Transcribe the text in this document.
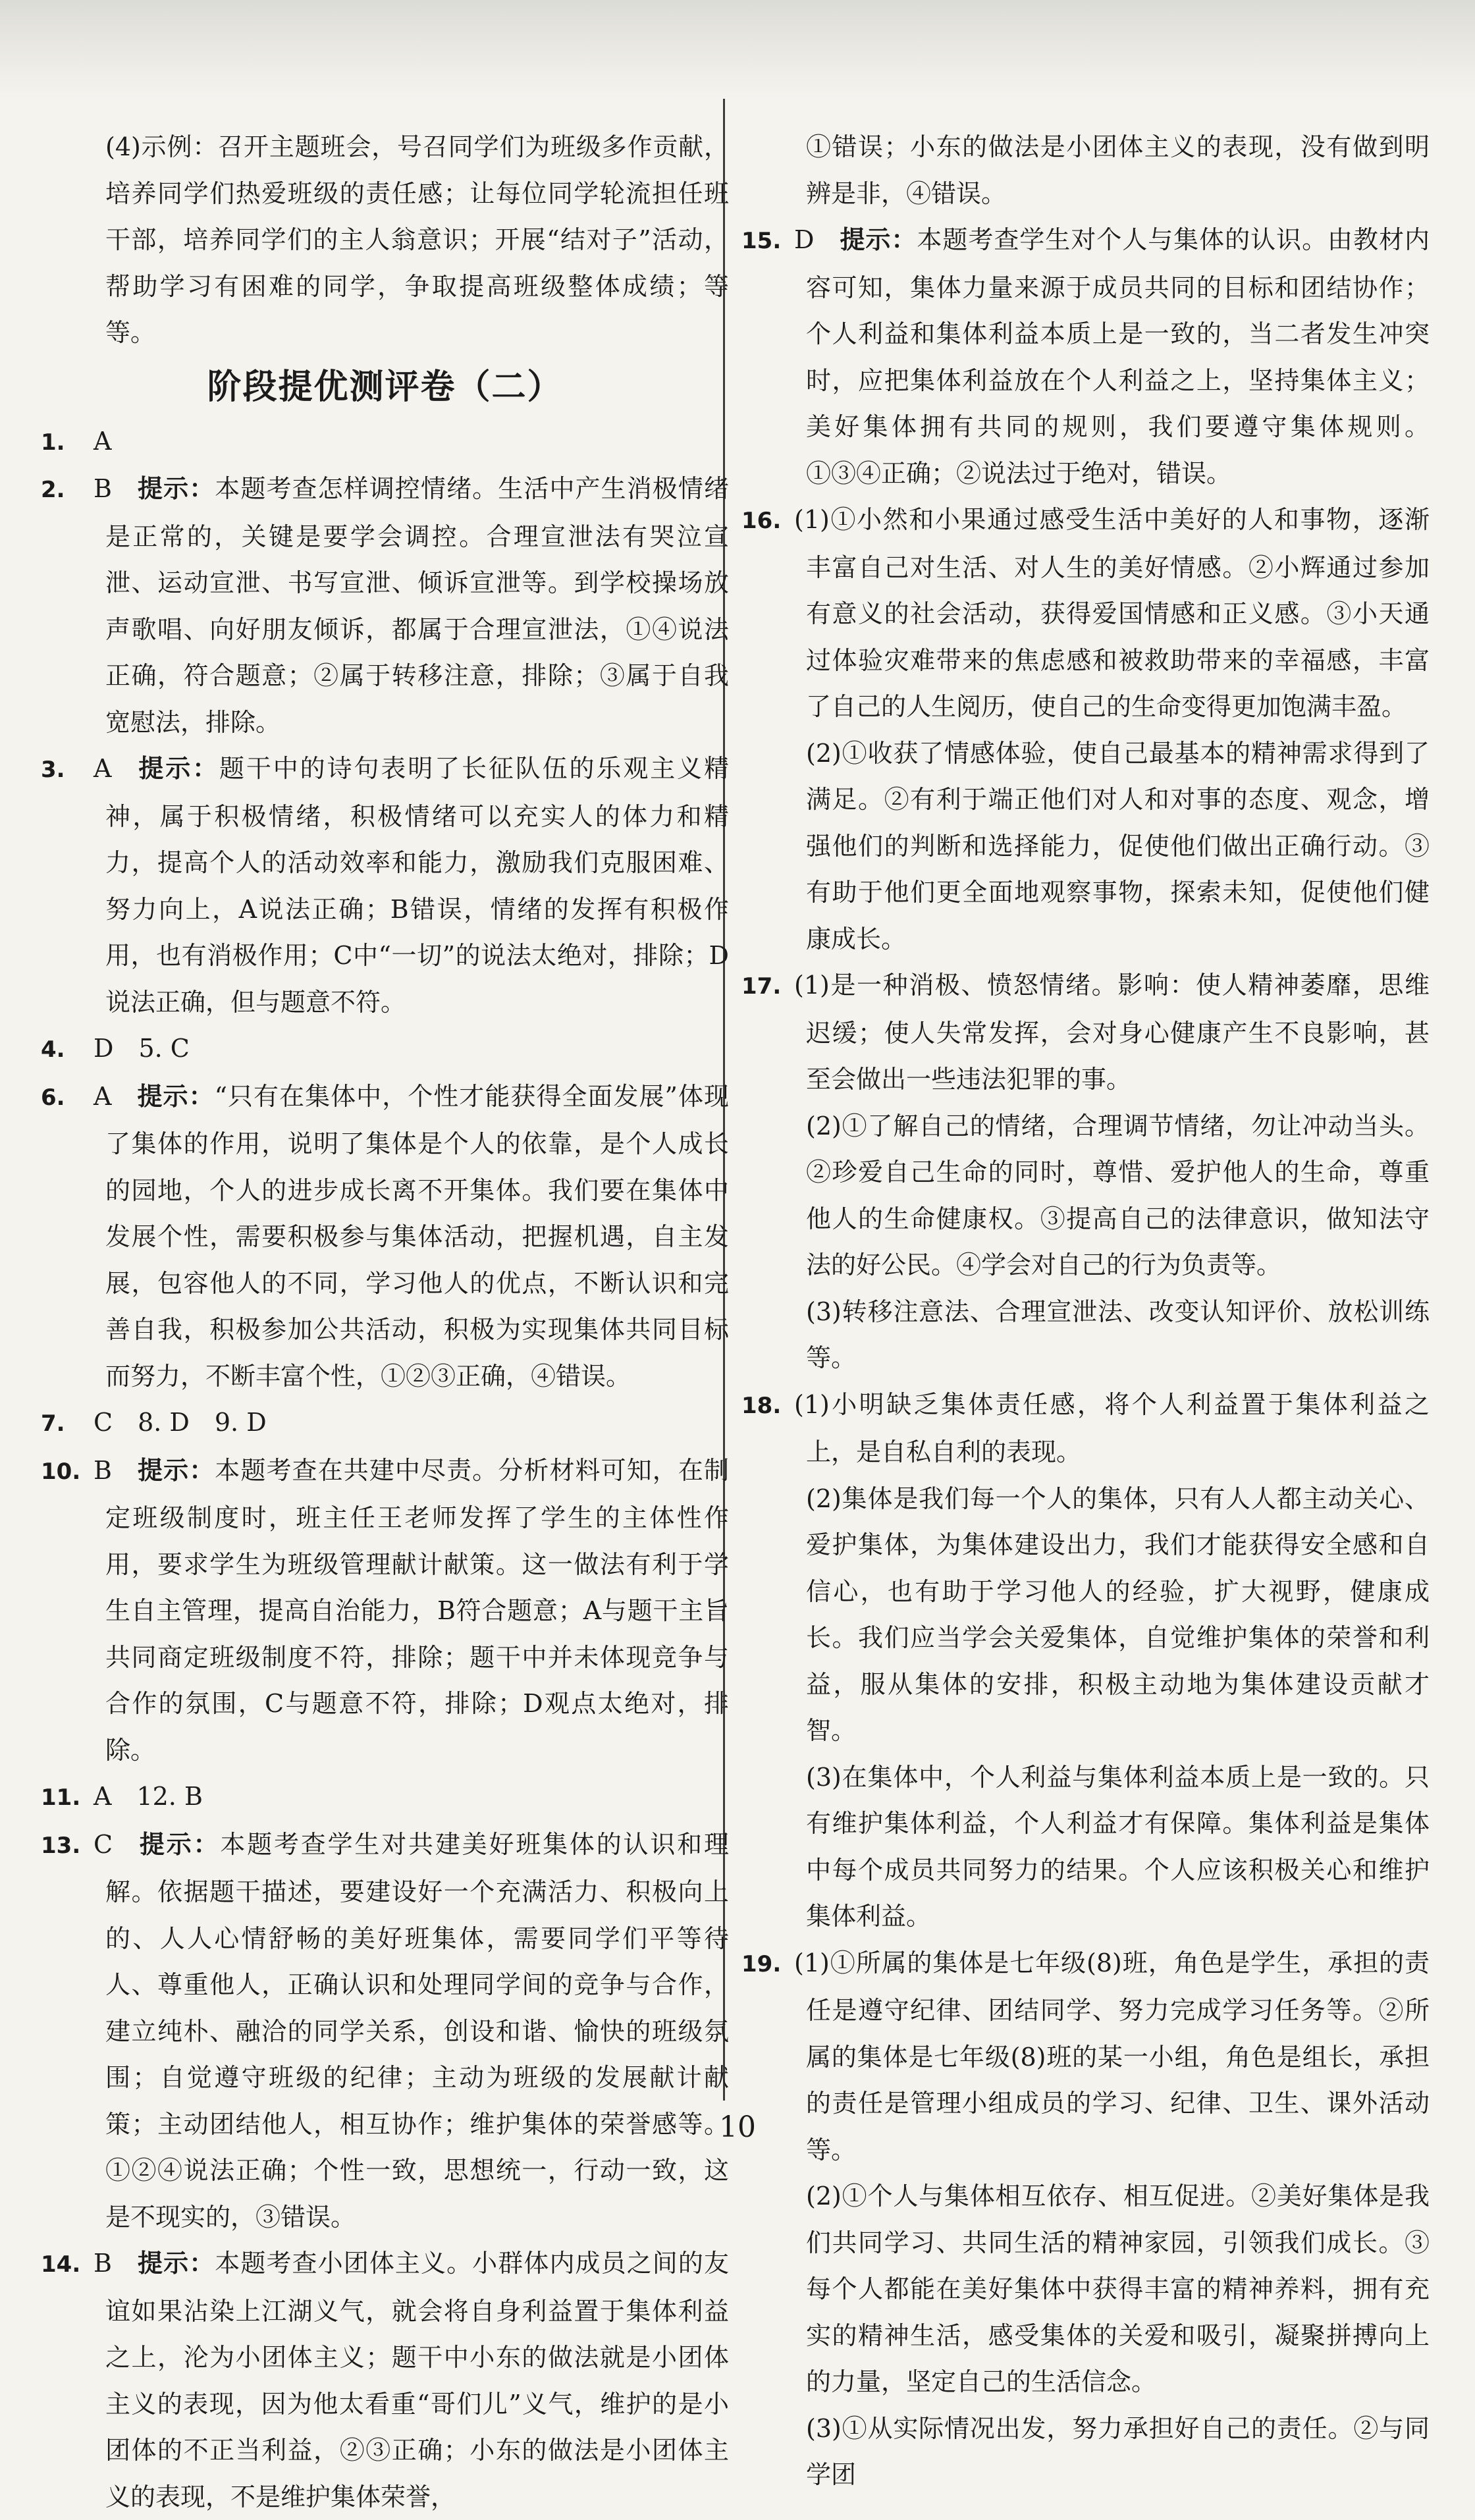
(4)示例：召开主题班会，号召同学们为班级多作贡献，培养同学们热爱班级的责任感；让每位同学轮流担任班干部，培养同学们的主人翁意识；开展“结对子”活动，帮助学习有困难的同学，争取提高班级整体成绩；等等。
阶段提优测评卷（二）
1. A
2. B  提示：本题考查怎样调控情绪。生活中产生消极情绪是正常的，关键是要学会调控。合理宣泄法有哭泣宣泄、运动宣泄、书写宣泄、倾诉宣泄等。到学校操场放声歌唱、向好朋友倾诉，都属于合理宣泄法，①④说法正确，符合题意；②属于转移注意，排除；③属于自我宽慰法，排除。
3. A  提示：题干中的诗句表明了长征队伍的乐观主义精神，属于积极情绪，积极情绪可以充实人的体力和精力，提高个人的活动效率和能力，激励我们克服困难、努力向上，A说法正确；B错误，情绪的发挥有积极作用，也有消极作用；C中“一切”的说法太绝对，排除；D说法正确，但与题意不符。
4. D　5. C
6. A  提示：“只有在集体中，个性才能获得全面发展”体现了集体的作用，说明了集体是个人的依靠，是个人成长的园地，个人的进步成长离不开集体。我们要在集体中发展个性，需要积极参与集体活动，把握机遇，自主发展，包容他人的不同，学习他人的优点，不断认识和完善自我，积极参加公共活动，积极为实现集体共同目标而努力，不断丰富个性，①②③正确，④错误。
7. C　8. D　9. D
10. B  提示：本题考查在共建中尽责。分析材料可知，在制定班级制度时，班主任王老师发挥了学生的主体性作用，要求学生为班级管理献计献策。这一做法有利于学生自主管理，提高自治能力，B符合题意；A与题干主旨共同商定班级制度不符，排除；题干中并未体现竞争与合作的氛围，C与题意不符，排除；D观点太绝对，排除。
11. A　12. B
13. C  提示：本题考查学生对共建美好班集体的认识和理解。依据题干描述，要建设好一个充满活力、积极向上的、人人心情舒畅的美好班集体，需要同学们平等待人、尊重他人，正确认识和处理同学间的竞争与合作，建立纯朴、融洽的同学关系，创设和谐、愉快的班级氛围；自觉遵守班级的纪律；主动为班级的发展献计献策；主动团结他人，相互协作；维护集体的荣誉感等。①②④说法正确；个性一致，思想统一，行动一致，这是不现实的，③错误。
14. B  提示：本题考查小团体主义。小群体内成员之间的友谊如果沾染上江湖义气，就会将自身利益置于集体利益之上，沦为小团体主义；题干中小东的做法就是小团体主义的表现，因为他太看重“哥们儿”义气，维护的是小团体的不正当利益，②③正确；小东的做法是小团体主义的表现，不是维护集体荣誉，
①错误；小东的做法是小团体主义的表现，没有做到明辨是非，④错误。
15. D  提示：本题考查学生对个人与集体的认识。由教材内容可知，集体力量来源于成员共同的目标和团结协作；个人利益和集体利益本质上是一致的，当二者发生冲突时，应把集体利益放在个人利益之上，坚持集体主义；美好集体拥有共同的规则，我们要遵守集体规则。①③④正确；②说法过于绝对，错误。
16. (1)①小然和小果通过感受生活中美好的人和事物，逐渐丰富自己对生活、对人生的美好情感。②小辉通过参加有意义的社会活动，获得爱国情感和正义感。③小天通过体验灾难带来的焦虑感和被救助带来的幸福感，丰富了自己的人生阅历，使自己的生命变得更加饱满丰盈。
(2)①收获了情感体验，使自己最基本的精神需求得到了满足。②有利于端正他们对人和对事的态度、观念，增强他们的判断和选择能力，促使他们做出正确行动。③有助于他们更全面地观察事物，探索未知，促使他们健康成长。
17. (1)是一种消极、愤怒情绪。影响：使人精神萎靡，思维迟缓；使人失常发挥，会对身心健康产生不良影响，甚至会做出一些违法犯罪的事。
(2)①了解自己的情绪，合理调节情绪，勿让冲动当头。②珍爱自己生命的同时，尊惜、爱护他人的生命，尊重他人的生命健康权。③提高自己的法律意识，做知法守法的好公民。④学会对自己的行为负责等。
(3)转移注意法、合理宣泄法、改变认知评价、放松训练等。
18. (1)小明缺乏集体责任感，将个人利益置于集体利益之上，是自私自利的表现。
(2)集体是我们每一个人的集体，只有人人都主动关心、爱护集体，为集体建设出力，我们才能获得安全感和自信心，也有助于学习他人的经验，扩大视野，健康成长。我们应当学会关爱集体，自觉维护集体的荣誉和利益，服从集体的安排，积极主动地为集体建设贡献才智。
(3)在集体中，个人利益与集体利益本质上是一致的。只有维护集体利益，个人利益才有保障。集体利益是集体中每个成员共同努力的结果。个人应该积极关心和维护集体利益。
19. (1)①所属的集体是七年级(8)班，角色是学生，承担的责任是遵守纪律、团结同学、努力完成学习任务等。②所属的集体是七年级(8)班的某一小组，角色是组长，承担的责任是管理小组成员的学习、纪律、卫生、课外活动等。
(2)①个人与集体相互依存、相互促进。②美好集体是我们共同学习、共同生活的精神家园，引领我们成长。③每个人都能在美好集体中获得丰富的精神养料，拥有充实的精神生活，感受集体的关爱和吸引，凝聚拼搏向上的力量，坚定自己的生活信念。
(3)①从实际情况出发，努力承担好自己的责任。②与同学团
10
